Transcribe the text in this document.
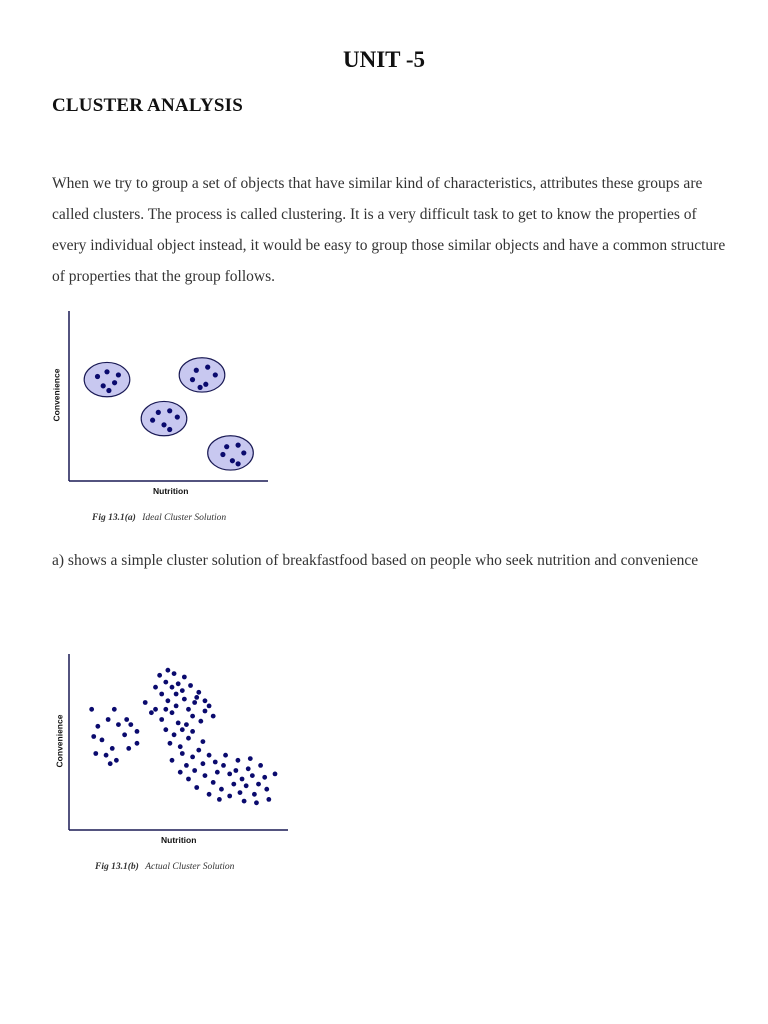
UNIT -5
CLUSTER ANALYSIS
When we try to group a set of objects that have similar kind of characteristics, attributes these groups are called clusters. The process is called clustering. It is a very difficult task to get to know the properties of every individual object instead, it would be easy to group those similar objects and have a common structure of properties that the group follows.
Convenience
Nutrition
Fig 13.1(a) Ideal Cluster Solution
a) shows a simple cluster solution of breakfastfood based on people who seek nutrition and convenience
Convenience
Nutrition
Fig 13.1(b) Actual Cluster Solution
